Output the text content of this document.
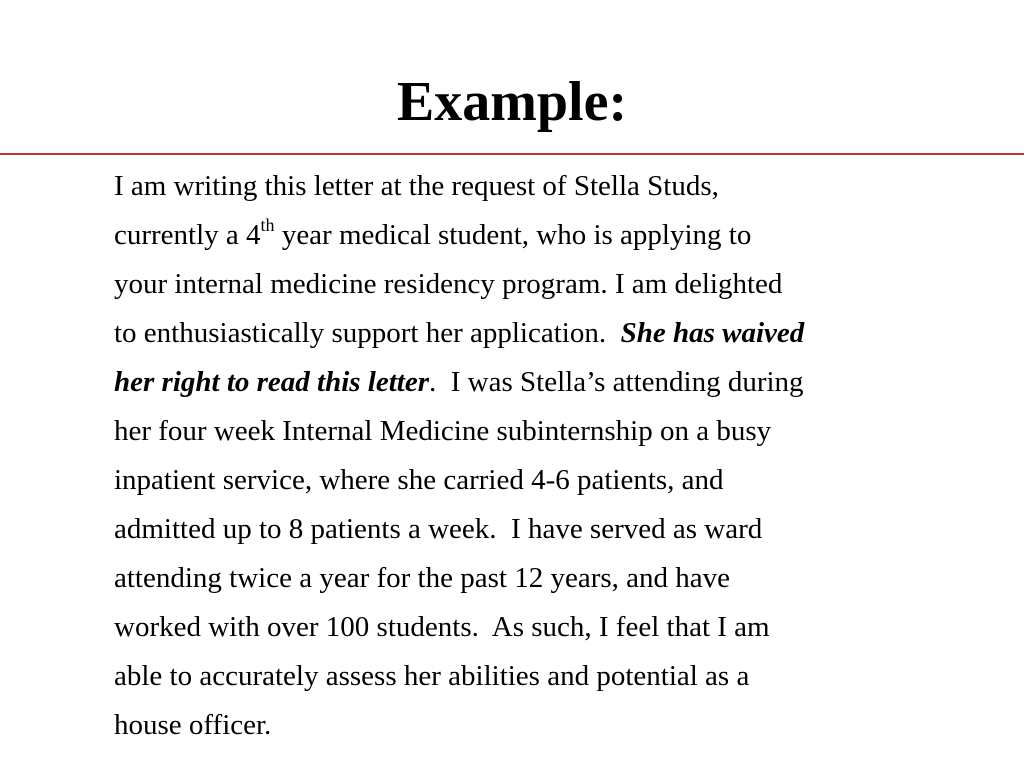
Example:
I am writing this letter at the request of Stella Studs,
currently a 4th year medical student, who is applying to
your internal medicine residency program. I am delighted
to enthusiastically support her application.  She has waived
her right to read this letter.  I was Stella’s attending during
her four week Internal Medicine subinternship on a busy
inpatient service, where she carried 4-6 patients, and
admitted up to 8 patients a week.  I have served as ward
attending twice a year for the past 12 years, and have
worked with over 100 students.  As such, I feel that I am
able to accurately assess her abilities and potential as a
house officer.
